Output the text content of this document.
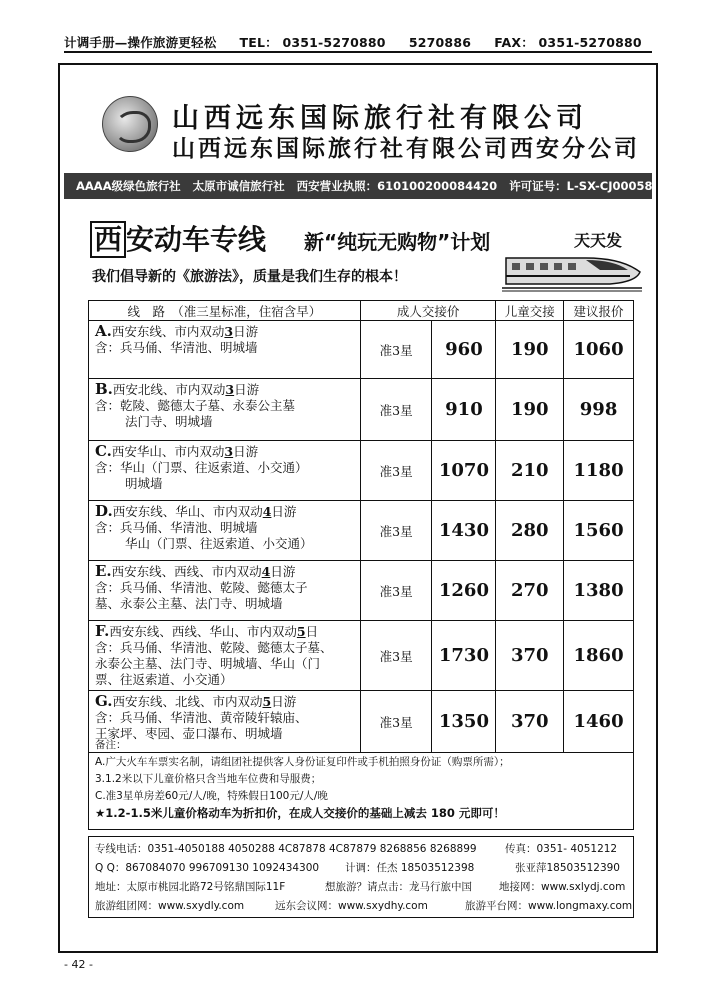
计调手册—操作旅游更轻松 TEL： 0351-5270880 5270886 FAX： 0351-5270880
山西远东国际旅行社有限公司
山西远东国际旅行社有限公司西安分公司
AAAA级绿色旅行社 太原市诚信旅行社 西安营业执照：610100200084420 许可证号：L-SX-CJ00058
西 安动车专线 新“纯玩无购物”计划	天天发
我们倡导新的《旅游法》，质量是我们生存的根本！
线　路　（准三星标准，住宿含早）	成人交接价		儿童交接	建议报价

A.西安东线、市内双动3日游
含：兵马俑、华清池、明城墙	准3星	960	190	1060

B.西安北线、市内双动3日游
含：乾陵、懿德太子墓、永泰公主墓
法门寺、明城墙	准3星	910	190	998

C.西安华山、市内双动3日游
含：华山（门票、往返索道、小交通）
明城墙	准3星	1070	210	1180

D.西安东线、华山、市内双动4日游
含：兵马俑、华清池、明城墙
华山（门票、往返索道、小交通）	准3星	1430	280	1560

E.西安东线、西线、市内双动4日游
含：兵马俑、华清池、乾陵、懿德太子
墓、永泰公主墓、法门寺、明城墙	准3星	1260	270	1380

F.西安东线、西线、华山、市内双动5日
含：兵马俑、华清池、乾陵、懿德太子墓、
永泰公主墓、法门寺、明城墙、华山（门
票、往返索道、小交通）	准3星	1730	370	1860

G.西安东线、北线、市内双动5日游
含：兵马俑、华清池、黄帝陵轩辕庙、
王家坪、枣园、壶口瀑布、明城墙	准3星	1350	370	1460
备注：
A.广大火车车票实名制，请组团社提供客人身份证复印件或手机拍照身份证（购票所需）；
3.1.2米以下儿童价格只含当地车位费和导服费；
C.准3星单房差60元/人/晚，特殊假日100元/人/晚
★1.2-1.5米儿童价格动车为折扣价，在成人交接价的基础上减去 180 元即可！
专线电话：0351-4050188 4050288 4C87878 4C87879 8268856 8268899	传真：0351- 4051212
Q Q：867084070 996709130 1092434300 计调：任杰 18503512398	张亚萍18503512390
地址：太原市桃园北路72号铭鼎国际11F	想旅游？请点击：龙马行旅中国	地接网：www.sxlydj.com
旅游组团网：www.sxydly.com	远东会议网：www.sxydhy.com	旅游平台网：www.longmaxy.com
- 42 -
